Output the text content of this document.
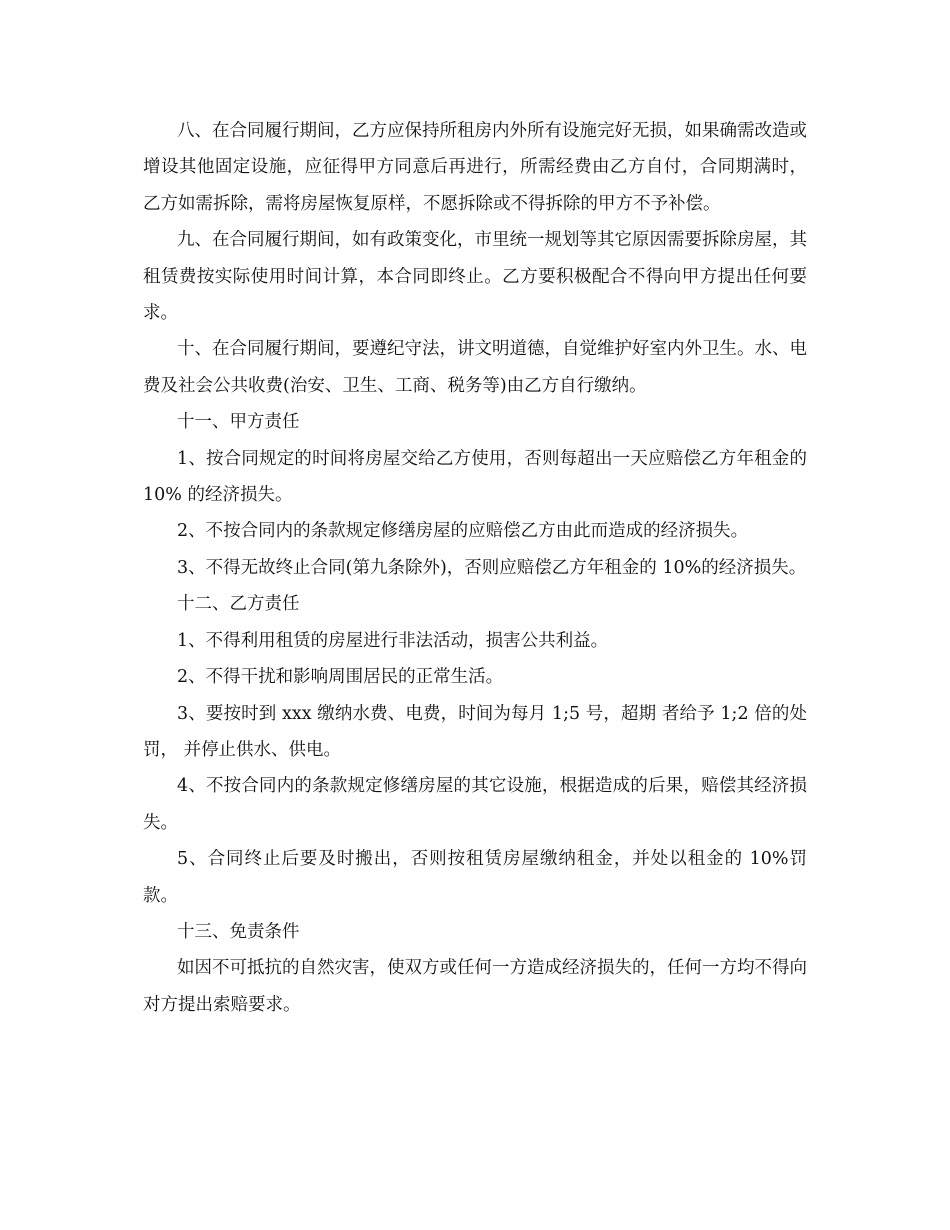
八、在合同履行期间，乙方应保持所租房内外所有设施完好无损，如果确需改造或增设其他固定设施，应征得甲方同意后再进行，所需经费由乙方自付，合同期满时，乙方如需拆除，需将房屋恢复原样，不愿拆除或不得拆除的甲方不予补偿。

九、在合同履行期间，如有政策变化，市里统一规划等其它原因需要拆除房屋，其租赁费按实际使用时间计算，本合同即终止。乙方要积极配合不得向甲方提出任何要求。

十、在合同履行期间，要遵纪守法，讲文明道德，自觉维护好室内外卫生。水、电费及社会公共收费(治安、卫生、工商、税务等)由乙方自行缴纳。

十一、甲方责任

1、按合同规定的时间将房屋交给乙方使用，否则每超出一天应赔偿乙方年租金的 10% 的经济损失。

2、不按合同内的条款规定修缮房屋的应赔偿乙方由此而造成的经济损失。

3、不得无故终止合同(第九条除外)，否则应赔偿乙方年租金的 10%的经济损失。

十二、乙方责任

1、不得利用租赁的房屋进行非法活动，损害公共利益。

2、不得干扰和影响周围居民的正常生活。

3、要按时到 xxx 缴纳水费、电费，时间为每月 1;5 号，超期 者给予 1;2 倍的处罚， 并停止供水、供电。

4、不按合同内的条款规定修缮房屋的其它设施，根据造成的后果，赔偿其经济损失。

5、合同终止后要及时搬出，否则按租赁房屋缴纳租金，并处以租金的 10%罚款。

十三、免责条件

如因不可抵抗的自然灾害，使双方或任何一方造成经济损失的，任何一方均不得向对方提出索赔要求。
